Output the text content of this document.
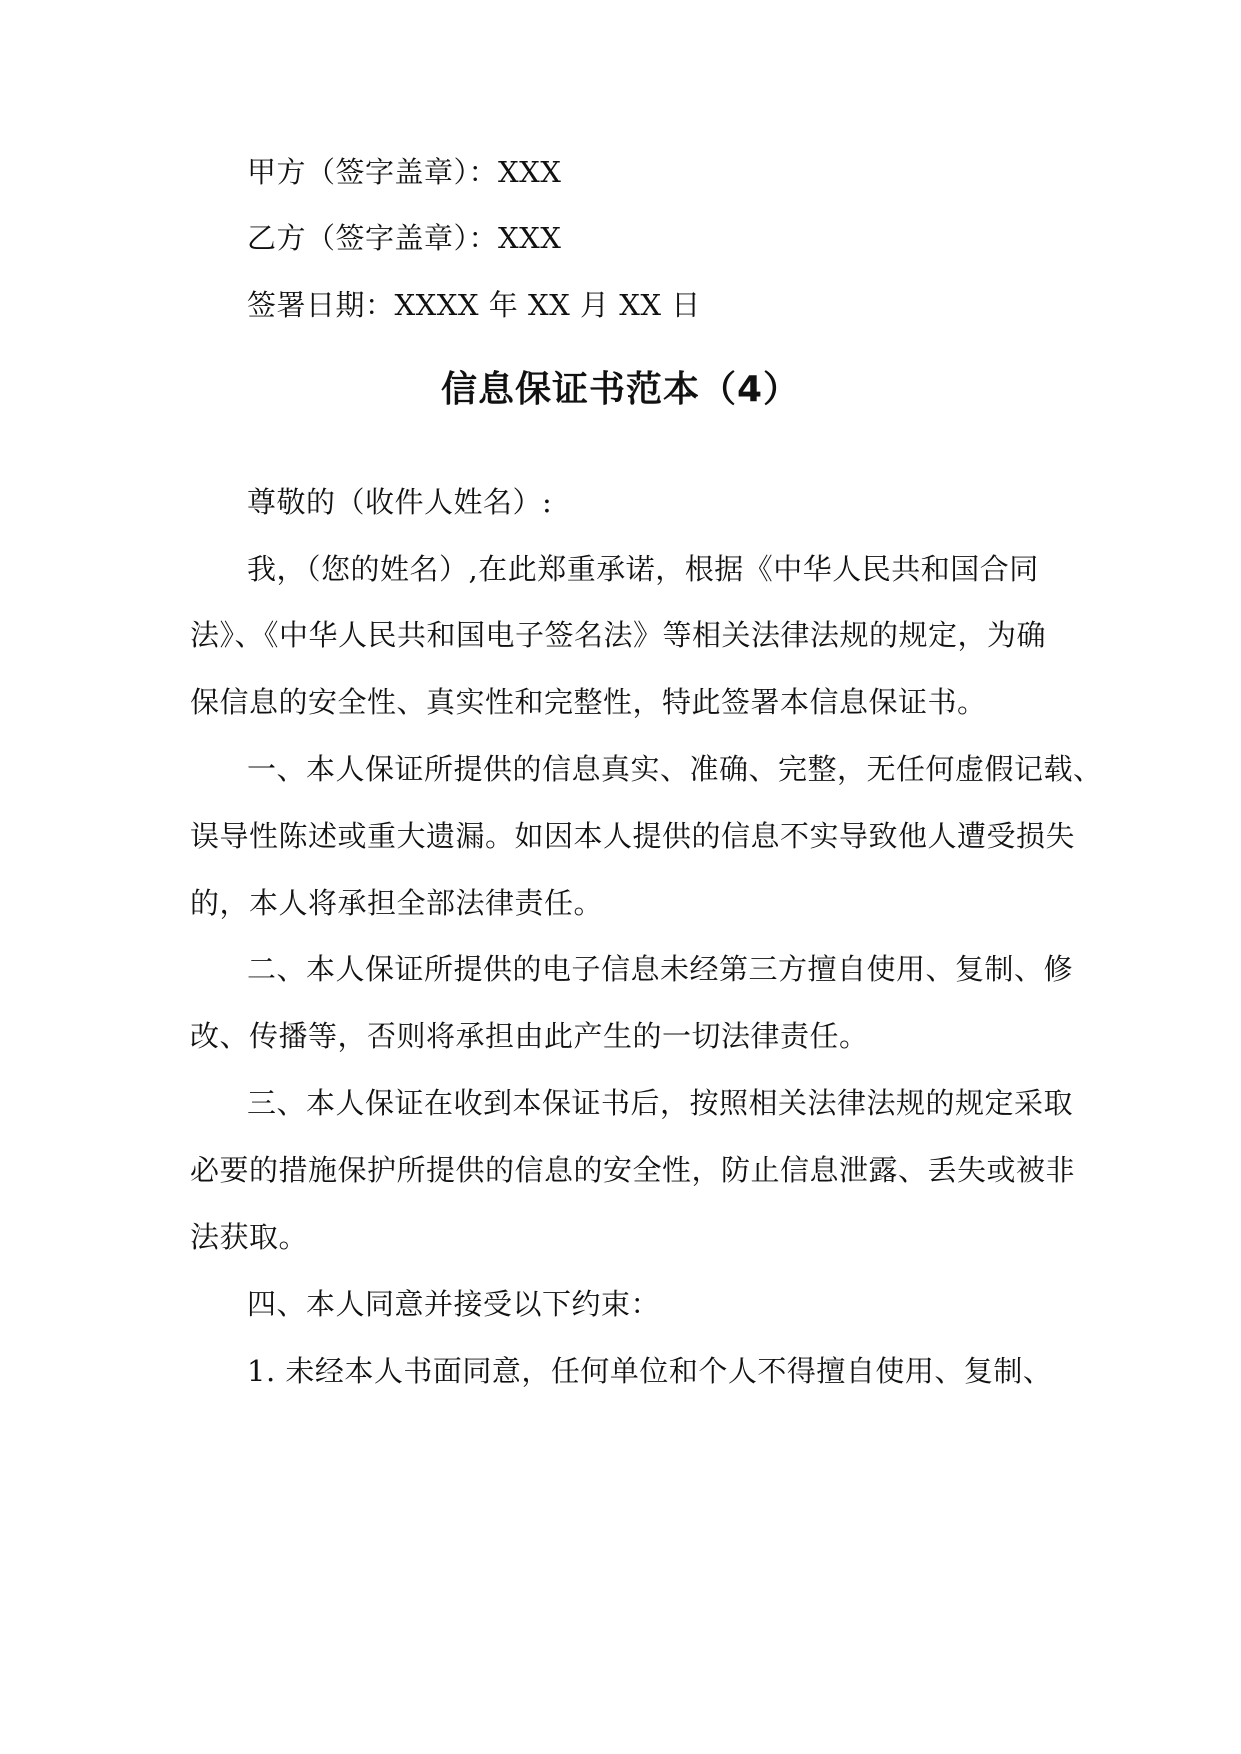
甲方（签字盖章）：XXX
乙方（签字盖章）：XXX
签署日期：XXXX 年 XX 月 XX 日
信息保证书范本（4）
尊敬的（收件人姓名）:
我，（您的姓名）,在此郑重承诺，根据《中华人民共和国合同
法》、《中华人民共和国电子签名法》等相关法律法规的规定，为确
保信息的安全性、真实性和完整性，特此签署本信息保证书。
一、本人保证所提供的信息真实、准确、完整，无任何虚假记载、
误导性陈述或重大遗漏。如因本人提供的信息不实导致他人遭受损失
的，本人将承担全部法律责任。
二、本人保证所提供的电子信息未经第三方擅自使用、复制、修
改、传播等，否则将承担由此产生的一切法律责任。
三、本人保证在收到本保证书后，按照相关法律法规的规定采取
必要的措施保护所提供的信息的安全性，防止信息泄露、丢失或被非
法获取。
四、本人同意并接受以下约束：
1. 未经本人书面同意，任何单位和个人不得擅自使用、复制、
